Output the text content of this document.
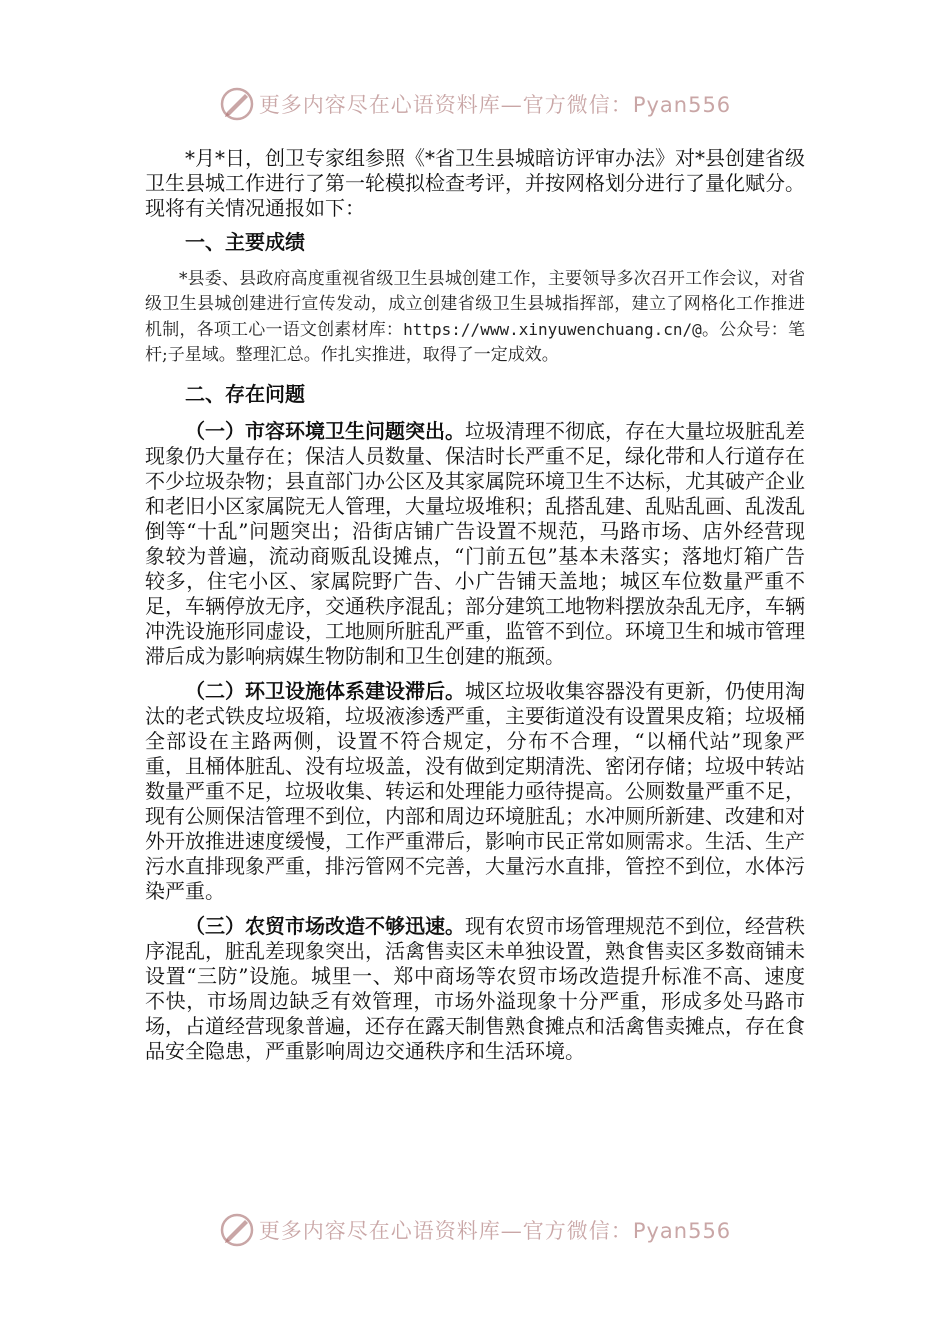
更多内容尽在心语资料库—官方微信：Pyan556

*月*日，创卫专家组参照《*省卫生县城暗访评审办法》对*县创建省级卫生县城工作进行了第一轮模拟检查考评，并按网格划分进行了量化赋分。现将有关情况通报如下：

一、主要成绩

*县委、县政府高度重视省级卫生县城创建工作，主要领导多次召开工作会议，对省级卫生县城创建进行宣传发动，成立创建省级卫生县城指挥部，建立了网格化工作推进机制，各项工心一语文创素材库：https://www.xinyuwenchuang.cn/@。公众号：笔杆;子星域。整理汇总。作扎实推进，取得了一定成效。

二、存在问题

（一）市容环境卫生问题突出。垃圾清理不彻底，存在大量垃圾脏乱差现象仍大量存在；保洁人员数量、保洁时长严重不足，绿化带和人行道存在不少垃圾杂物；县直部门办公区及其家属院环境卫生不达标，尤其破产企业和老旧小区家属院无人管理，大量垃圾堆积；乱搭乱建、乱贴乱画、乱泼乱倒等“十乱”问题突出；沿街店铺广告设置不规范，马路市场、店外经营现象较为普遍，流动商贩乱设摊点，“门前五包”基本未落实；落地灯箱广告较多，住宅小区、家属院野广告、小广告铺天盖地；城区车位数量严重不足，车辆停放无序，交通秩序混乱；部分建筑工地物料摆放杂乱无序，车辆冲洗设施形同虚设，工地厕所脏乱严重，监管不到位。环境卫生和城市管理滞后成为影响病媒生物防制和卫生创建的瓶颈。

（二）环卫设施体系建设滞后。城区垃圾收集容器没有更新，仍使用淘汰的老式铁皮垃圾箱，垃圾液渗透严重，主要街道没有设置果皮箱；垃圾桶全部设在主路两侧，设置不符合规定，分布不合理，“以桶代站”现象严重，且桶体脏乱、没有垃圾盖，没有做到定期清洗、密闭存储；垃圾中转站数量严重不足，垃圾收集、转运和处理能力亟待提高。公厕数量严重不足，现有公厕保洁管理不到位，内部和周边环境脏乱；水冲厕所新建、改建和对外开放推进速度缓慢，工作严重滞后，影响市民正常如厕需求。生活、生产污水直排现象严重，排污管网不完善，大量污水直排，管控不到位，水体污染严重。

（三）农贸市场改造不够迅速。现有农贸市场管理规范不到位，经营秩序混乱，脏乱差现象突出，活禽售卖区未单独设置，熟食售卖区多数商铺未设置“三防”设施。城里一、郑中商场等农贸市场改造提升标准不高、速度不快，市场周边缺乏有效管理，市场外溢现象十分严重，形成多处马路市场，占道经营现象普遍，还存在露天制售熟食摊点和活禽售卖摊点，存在食品安全隐患，严重影响周边交通秩序和生活环境。

更多内容尽在心语资料库—官方微信：Pyan556
